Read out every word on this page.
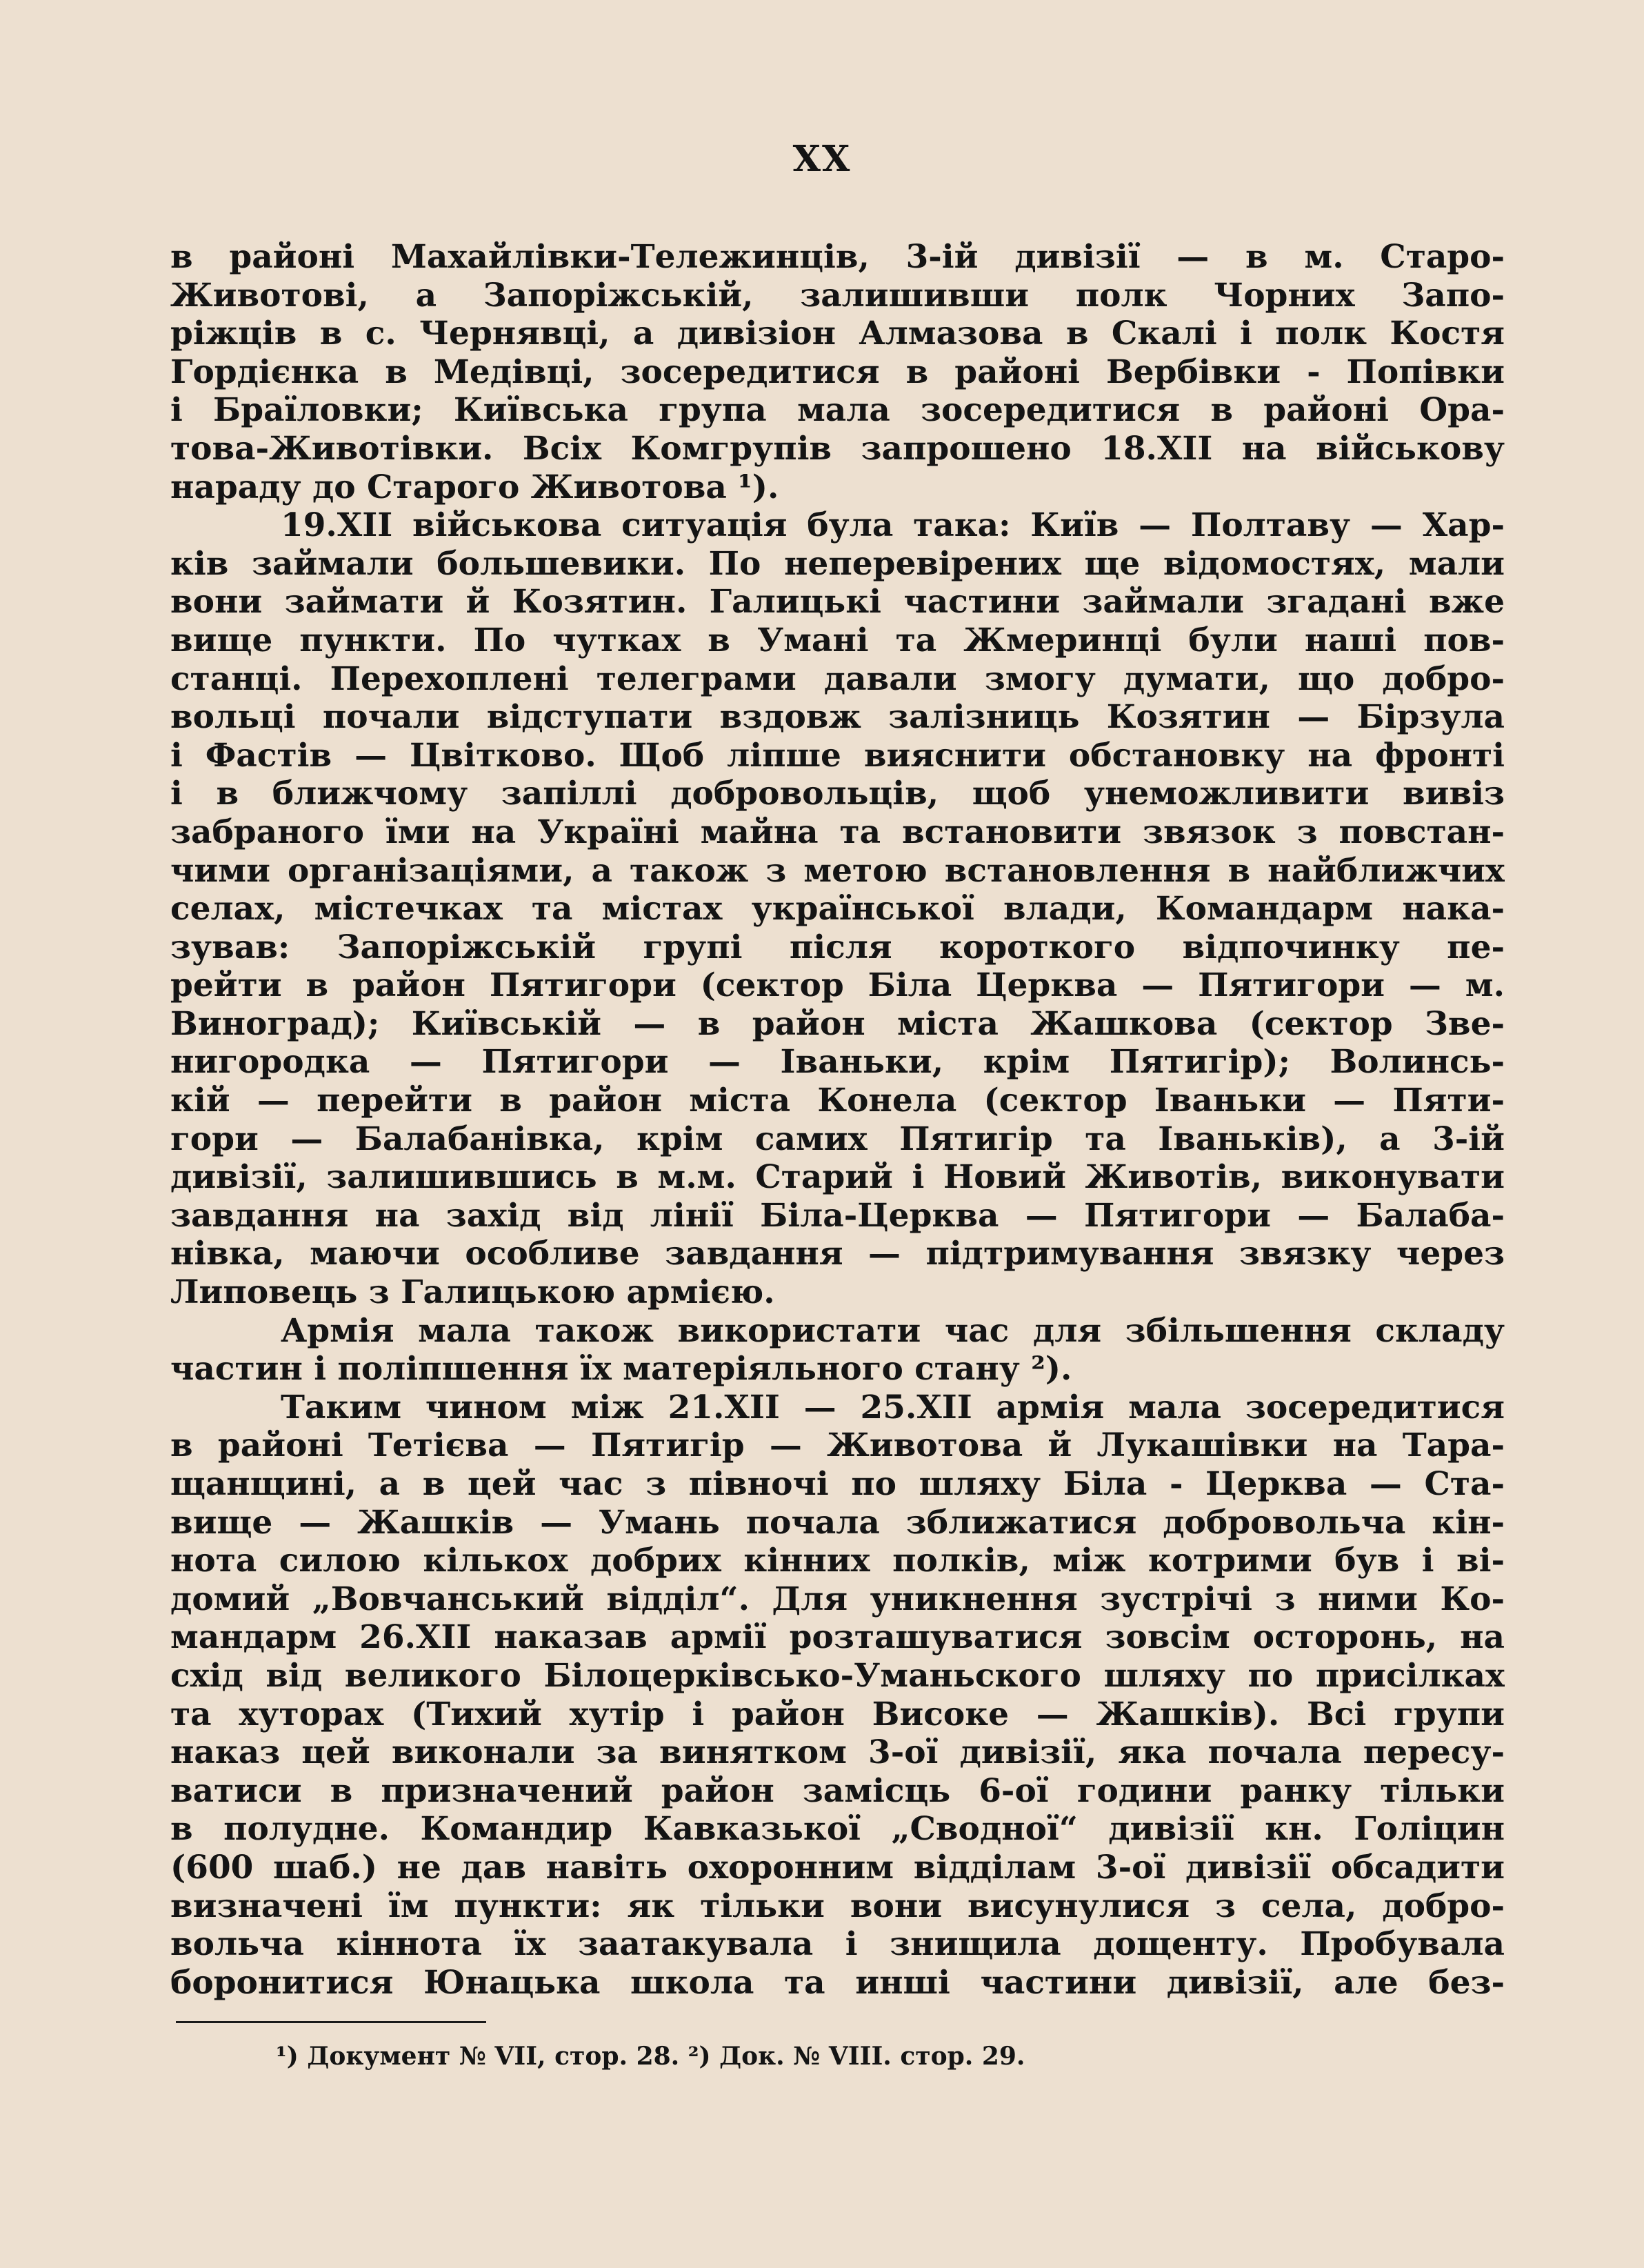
XX
в районі Махайлівки-Тележинців, 3-ій дивізії — в м. Старо-
Животові, а Запоріжській, залишивши полк Чорних Запо-
ріжців в с. Чернявці, а дивізіон Алмазова в Скалі і полк Костя
Гордієнка в Медівці, зосередитися в районі Вербівки - Попівки
і Браїловки; Київська група мала зосередитися в районі Ора-
това-Животівки. Всіх Комгрупів запрошено 18.XII на військову
нараду до Старого Животова ¹).
19.XII військова ситуація була така: Київ — Полтаву — Хар-
ків займали большевики. По неперевірених ще відомостях, мали
вони займати й Козятин. Галицькі частини займали згадані вже
вище пункти. По чутках в Умані та Жмеринці були наші пов-
станці. Перехоплені телеграми давали змогу думати, що добро-
вольці почали відступати вздовж залізниць Козятин — Бірзула
і Фастів — Цвітково. Щоб ліпше вияснити обстановку на фронті
і в ближчому запіллі добровольців, щоб унеможливити вивіз
забраного їми на Україні майна та встановити звязок з повстан-
чими організаціями, а також з метою встановлення в найближчих
селах, містечках та містах української влади, Командарм нака-
зував: Запоріжській групі після короткого відпочинку пе-
рейти в район Пятигори (сектор Біла Церква — Пятигори — м.
Виноград); Київській — в район міста Жашкова (сектор Зве-
нигородка — Пятигори — Іваньки, крім Пятигір); Волинсь-
кій — перейти в район міста Конела (сектор Іваньки — Пяти-
гори — Балабанівка, крім самих Пятигір та Іваньків), а 3-ій
дивізії, залишившись в м.м. Старий і Новий Животів, виконувати
завдання на захід від лінії Біла-Церква — Пятигори — Балаба-
нівка, маючи особливе завдання — підтримування звязку через
Липовець з Галицькою армією.
Армія мала також використати час для збільшення складу
частин і поліпшення їх матеріяльного стану ²).
Таким чином між 21.XII — 25.XII армія мала зосередитися
в районі Тетієва — Пятигір — Животова й Лукашівки на Тара-
щанщині, а в цей час з півночі по шляху Біла - Церква — Ста-
вище — Жашків — Умань почала зближатися добровольча кін-
нота силою кількох добрих кінних полків, між котрими був і ві-
домий „Вовчанський відділ“. Для уникнення зустрічі з ними Ко-
мандарм 26.XII наказав армії розташуватися зовсім осторонь, на
схід від великого Білоцерківсько-Уманьского шляху по присілках
та хуторах (Тихий хутір і район Високе — Жашків). Всі групи
наказ цей виконали за винятком 3-ої дивізії, яка почала пересу-
ватиси в призначений район замісць 6-ої години ранку тільки
в полудне. Командир Кавказької „Сводної“ дивізії кн. Голіцин
(600 шаб.) не дав навіть охоронним відділам 3-ої дивізії обсадити
визначені їм пункти: як тільки вони висунулися з села, добро-
вольча кіннота їх заатакувала і знищила дощенту. Пробувала
боронитися Юнацька школа та инші частини дивізії, але без-
¹) Документ № VII, стор. 28. ²) Док. № VIII. стор. 29.
